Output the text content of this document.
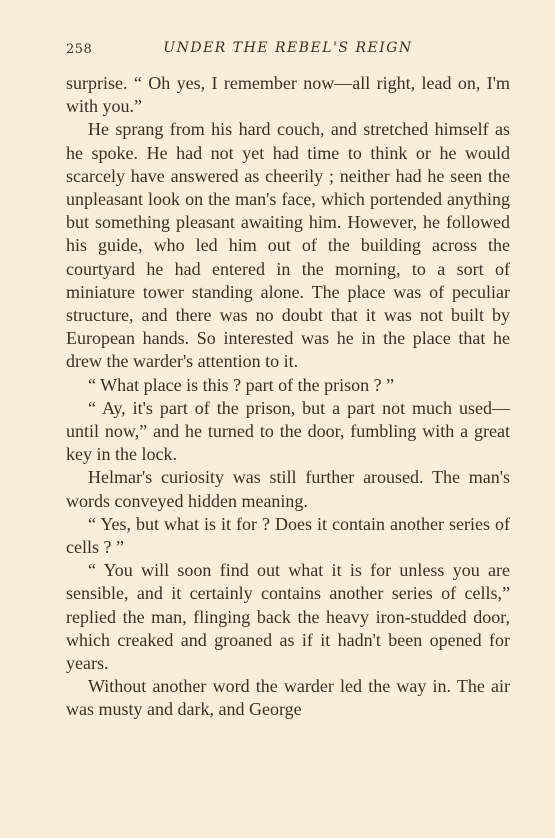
258	UNDER THE REBEL'S REIGN

surprise. “ Oh yes, I remember now—all right, lead on, I'm with you.”

He sprang from his hard couch, and stretched himself as he spoke. He had not yet had time to think or he would scarcely have answered as cheerily ; neither had he seen the unpleasant look on the man's face, which portended anything but something pleasant awaiting him. However, he followed his guide, who led him out of the building across the courtyard he had entered in the morning, to a sort of miniature tower standing alone. The place was of peculiar structure, and there was no doubt that it was not built by European hands. So interested was he in the place that he drew the warder's attention to it.

“ What place is this ? part of the prison ? ”

“ Ay, it's part of the prison, but a part not much used—until now,” and he turned to the door, fumbling with a great key in the lock.

Helmar's curiosity was still further aroused. The man's words conveyed hidden meaning.

“ Yes, but what is it for ? Does it contain another series of cells ? ”

“ You will soon find out what it is for unless you are sensible, and it certainly contains another series of cells,” replied the man, flinging back the heavy iron-studded door, which creaked and groaned as if it hadn't been opened for years.

Without another word the warder led the way in. The air was musty and dark, and George
